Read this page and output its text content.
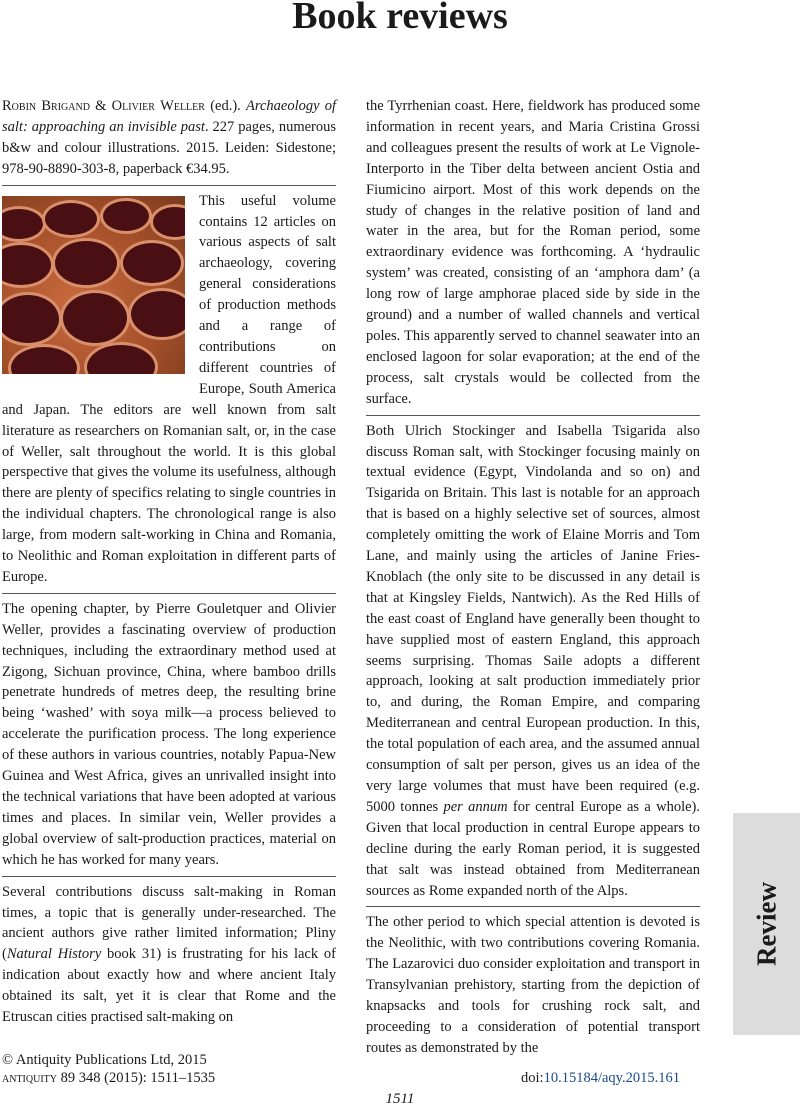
Book reviews

Robin Brigand & Olivier Weller (ed.). Archaeology of salt: approaching an invisible past. 227 pages, numerous b&w and colour illustrations. 2015. Leiden: Sidestone; 978-90-8890-303-8, paperback €34.95.

This useful volume contains 12 articles on various aspects of salt archaeology, covering general considerations of production methods and a range of contributions on different countries of Europe, South America and Japan. The editors are well known from salt literature as researchers on Romanian salt, or, in the case of Weller, salt throughout the world. It is this global perspective that gives the volume its usefulness, although there are plenty of specifics relating to single countries in the individual chapters. The chronological range is also large, from modern salt-working in China and Romania, to Neolithic and Roman exploitation in different parts of Europe.

The opening chapter, by Pierre Gouletquer and Olivier Weller, provides a fascinating overview of production techniques, including the extraordinary method used at Zigong, Sichuan province, China, where bamboo drills penetrate hundreds of metres deep, the resulting brine being ‘washed’ with soya milk—a process believed to accelerate the purification process. The long experience of these authors in various countries, notably Papua-New Guinea and West Africa, gives an unrivalled insight into the technical variations that have been adopted at various times and places. In similar vein, Weller provides a global overview of salt-production practices, material on which he has worked for many years.

Several contributions discuss salt-making in Roman times, a topic that is generally under-researched. The ancient authors give rather limited information; Pliny (Natural History book 31) is frustrating for his lack of indication about exactly how and where ancient Italy obtained its salt, yet it is clear that Rome and the Etruscan cities practised salt-making on

the Tyrrhenian coast. Here, fieldwork has produced some information in recent years, and Maria Cristina Grossi and colleagues present the results of work at Le Vignole-Interporto in the Tiber delta between ancient Ostia and Fiumicino airport. Most of this work depends on the study of changes in the relative position of land and water in the area, but for the Roman period, some extraordinary evidence was forthcoming. A ‘hydraulic system’ was created, consisting of an ‘amphora dam’ (a long row of large amphorae placed side by side in the ground) and a number of walled channels and vertical poles. This apparently served to channel seawater into an enclosed lagoon for solar evaporation; at the end of the process, salt crystals would be collected from the surface.

Both Ulrich Stockinger and Isabella Tsigarida also discuss Roman salt, with Stockinger focusing mainly on textual evidence (Egypt, Vindolanda and so on) and Tsigarida on Britain. This last is notable for an approach that is based on a highly selective set of sources, almost completely omitting the work of Elaine Morris and Tom Lane, and mainly using the articles of Janine Fries-Knoblach (the only site to be discussed in any detail is that at Kingsley Fields, Nantwich). As the Red Hills of the east coast of England have generally been thought to have supplied most of eastern England, this approach seems surprising. Thomas Saile adopts a different approach, looking at salt production immediately prior to, and during, the Roman Empire, and comparing Mediterranean and central European production. In this, the total population of each area, and the assumed annual consumption of salt per person, gives us an idea of the very large volumes that must have been required (e.g. 5000 tonnes per annum for central Europe as a whole). Given that local production in central Europe appears to decline during the early Roman period, it is suggested that salt was instead obtained from Mediterranean sources as Rome expanded north of the Alps.

The other period to which special attention is devoted is the Neolithic, with two contributions covering Romania. The Lazarovici duo consider exploitation and transport in Transylvanian prehistory, starting from the depiction of knapsacks and tools for crushing rock salt, and proceeding to a consideration of potential transport routes as demonstrated by the

Review
© Antiquity Publications Ltd, 2015
antiquity 89 348 (2015): 1511–1535	doi:10.15184/aqy.2015.161
1511
